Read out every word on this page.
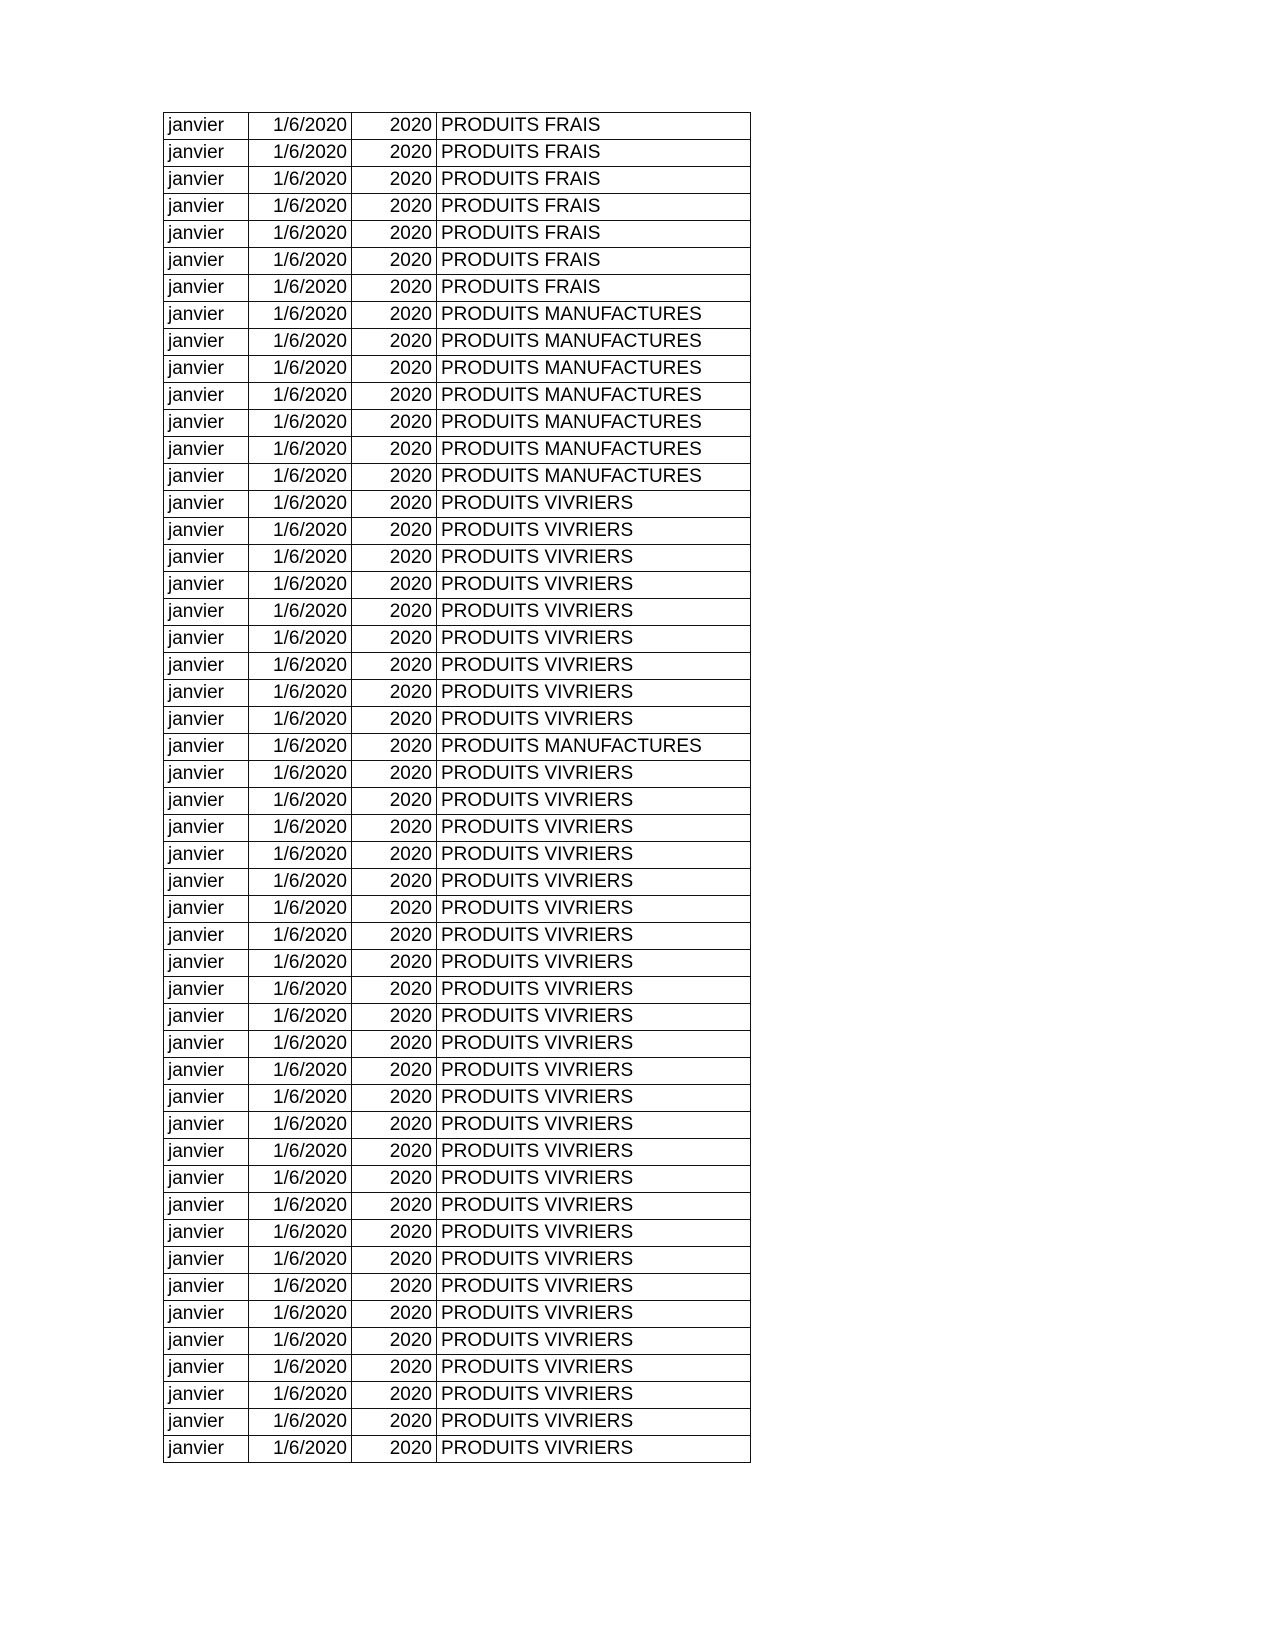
janvier	1/6/2020	2020	PRODUITS FRAIS
janvier	1/6/2020	2020	PRODUITS FRAIS
janvier	1/6/2020	2020	PRODUITS FRAIS
janvier	1/6/2020	2020	PRODUITS FRAIS
janvier	1/6/2020	2020	PRODUITS FRAIS
janvier	1/6/2020	2020	PRODUITS FRAIS
janvier	1/6/2020	2020	PRODUITS FRAIS
janvier	1/6/2020	2020	PRODUITS MANUFACTURES
janvier	1/6/2020	2020	PRODUITS MANUFACTURES
janvier	1/6/2020	2020	PRODUITS MANUFACTURES
janvier	1/6/2020	2020	PRODUITS MANUFACTURES
janvier	1/6/2020	2020	PRODUITS MANUFACTURES
janvier	1/6/2020	2020	PRODUITS MANUFACTURES
janvier	1/6/2020	2020	PRODUITS MANUFACTURES
janvier	1/6/2020	2020	PRODUITS VIVRIERS
janvier	1/6/2020	2020	PRODUITS VIVRIERS
janvier	1/6/2020	2020	PRODUITS VIVRIERS
janvier	1/6/2020	2020	PRODUITS VIVRIERS
janvier	1/6/2020	2020	PRODUITS VIVRIERS
janvier	1/6/2020	2020	PRODUITS VIVRIERS
janvier	1/6/2020	2020	PRODUITS VIVRIERS
janvier	1/6/2020	2020	PRODUITS VIVRIERS
janvier	1/6/2020	2020	PRODUITS VIVRIERS
janvier	1/6/2020	2020	PRODUITS MANUFACTURES
janvier	1/6/2020	2020	PRODUITS VIVRIERS
janvier	1/6/2020	2020	PRODUITS VIVRIERS
janvier	1/6/2020	2020	PRODUITS VIVRIERS
janvier	1/6/2020	2020	PRODUITS VIVRIERS
janvier	1/6/2020	2020	PRODUITS VIVRIERS
janvier	1/6/2020	2020	PRODUITS VIVRIERS
janvier	1/6/2020	2020	PRODUITS VIVRIERS
janvier	1/6/2020	2020	PRODUITS VIVRIERS
janvier	1/6/2020	2020	PRODUITS VIVRIERS
janvier	1/6/2020	2020	PRODUITS VIVRIERS
janvier	1/6/2020	2020	PRODUITS VIVRIERS
janvier	1/6/2020	2020	PRODUITS VIVRIERS
janvier	1/6/2020	2020	PRODUITS VIVRIERS
janvier	1/6/2020	2020	PRODUITS VIVRIERS
janvier	1/6/2020	2020	PRODUITS VIVRIERS
janvier	1/6/2020	2020	PRODUITS VIVRIERS
janvier	1/6/2020	2020	PRODUITS VIVRIERS
janvier	1/6/2020	2020	PRODUITS VIVRIERS
janvier	1/6/2020	2020	PRODUITS VIVRIERS
janvier	1/6/2020	2020	PRODUITS VIVRIERS
janvier	1/6/2020	2020	PRODUITS VIVRIERS
janvier	1/6/2020	2020	PRODUITS VIVRIERS
janvier	1/6/2020	2020	PRODUITS VIVRIERS
janvier	1/6/2020	2020	PRODUITS VIVRIERS
janvier	1/6/2020	2020	PRODUITS VIVRIERS
janvier	1/6/2020	2020	PRODUITS VIVRIERS
